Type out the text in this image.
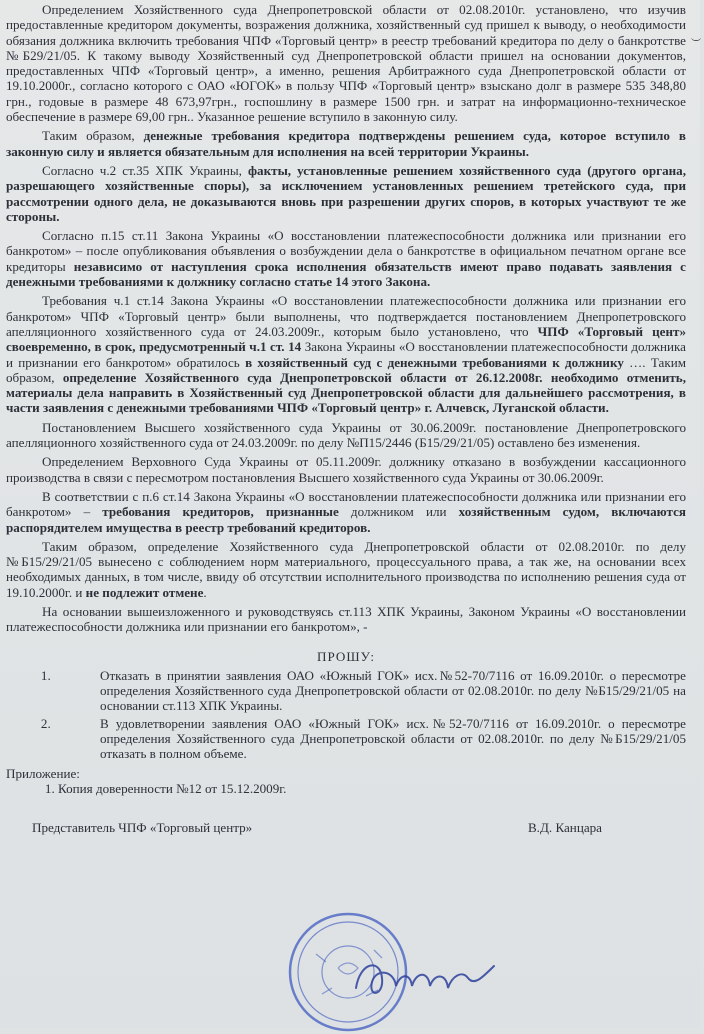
)

Определением Хозяйственного суда Днепропетровской области от 02.08.2010г. установлено, что изучив предоставленные кредитором документы, возражения должника, хозяйственный суд пришел к выводу, о необходимости обязания должника включить требования ЧПФ «Торговый центр» в реестр требований кредитора по делу о банкротстве №Б29/21/05. К такому выводу Хозяйственный суд Днепропетровской области пришел на основании документов, предоставленных ЧПФ «Торговый центр», а именно, решения Арбитражного суда Днепропетровской области от 19.10.2000г., согласно которого с ОАО «ЮГОК» в пользу ЧПФ «Торговый центр» взыскано долг в размере 535 348,80 грн., годовые в размере 48 673,97грн., госпошлину в размере 1500 грн. и затрат на информационно-техническое обеспечение в размере 69,00 грн.. Указанное решение вступило в законную силу.

Таким образом, денежные требования кредитора подтверждены решением суда, которое вступило в законную силу и является обязательным для исполнения на всей территории Украины.

Согласно ч.2 ст.35 ХПК Украины, факты, установленные решением хозяйственного суда (другого органа, разрешающего хозяйственные споры), за исключением установленных решением третейского суда, при рассмотрении одного дела, не доказываются вновь при разрешении других споров, в которых участвуют те же стороны.

Согласно п.15 ст.11 Закона Украины «О восстановлении платежеспособности должника или признании его банкротом» – после опубликования объявления о возбуждении дела о банкротстве в официальном печатном органе все кредиторы независимо от наступления срока исполнения обязательств имеют право подавать заявления с денежными требованиями к должнику согласно статье 14 этого Закона.

Требования ч.1 ст.14 Закона Украины «О восстановлении платежеспособности должника или признании его банкротом» ЧПФ «Торговый центр» были выполнены, что подтверждается постановлением Днепропетровского апелляционного хозяйственного суда от 24.03.2009г., которым было установлено, что ЧПФ «Торговый цент» своевременно, в срок, предусмотренный ч.1 ст. 14 Закона Украины «О восстановлении платежеспособности должника и признании его банкротом» обратилось в хозяйственный суд с денежными требованиями к должнику …. Таким образом, определение Хозяйственного суда Днепропетровской области от 26.12.2008г. необходимо отменить, материалы дела направить в Хозяйственный суд Днепропетровской области для дальнейшего рассмотрения, в части заявления с денежными требованиями ЧПФ «Торговый центр» г. Алчевск, Луганской области.

Постановлением Высшего хозяйственного суда Украины от 30.06.2009г. постановление Днепропетровского апелляционного хозяйственного суда от 24.03.2009г. по делу №П15/2446 (Б15/29/21/05) оставлено без изменения.

Определением Верховного Суда Украины от 05.11.2009г. должнику отказано в возбуждении кассационного производства в связи с пересмотром постановления Высшего хозяйственного суда Украины от 30.06.2009г.

В соответствии с п.6 ст.14 Закона Украины «О восстановлении платежеспособности должника или признании его банкротом» – требования кредиторов, признанные должником или хозяйственным судом, включаются распорядителем имущества в реестр требований кредиторов.

Таким образом, определение Хозяйственного суда Днепропетровской области от 02.08.2010г. по делу №Б15/29/21/05 вынесено с соблюдением норм материального, процессуального права, а так же, на основании всех необходимых данных, в том числе, ввиду об отсутствии исполнительного производства по исполнению решения суда от 19.10.2000г. и не подлежит отмене.

На основании вышеизложенного и руководствуясь ст.113 ХПК Украины, Законом Украины «О восстановлении платежеспособности должника или признании его банкротом», -

ПРОШУ:
1. Отказать в принятии заявления ОАО «Южный ГОК» исх.№52-70/7116 от 16.09.2010г. о пересмотре определения Хозяйственного суда Днепропетровской области от 02.08.2010г. по делу №Б15/29/21/05 на основании ст.113 ХПК Украины.
2. В удовлетворении заявления ОАО «Южный ГОК» исх.№52-70/7116 от 16.09.2010г. о пересмотре определения Хозяйственного суда Днепропетровской области от 02.08.2010г. по делу №Б15/29/21/05 отказать в полном объеме.
Приложение:
1. Копия доверенности №12 от 15.12.2009г.
Представитель ЧПФ «Торговый центр»	В.Д. Канцара
